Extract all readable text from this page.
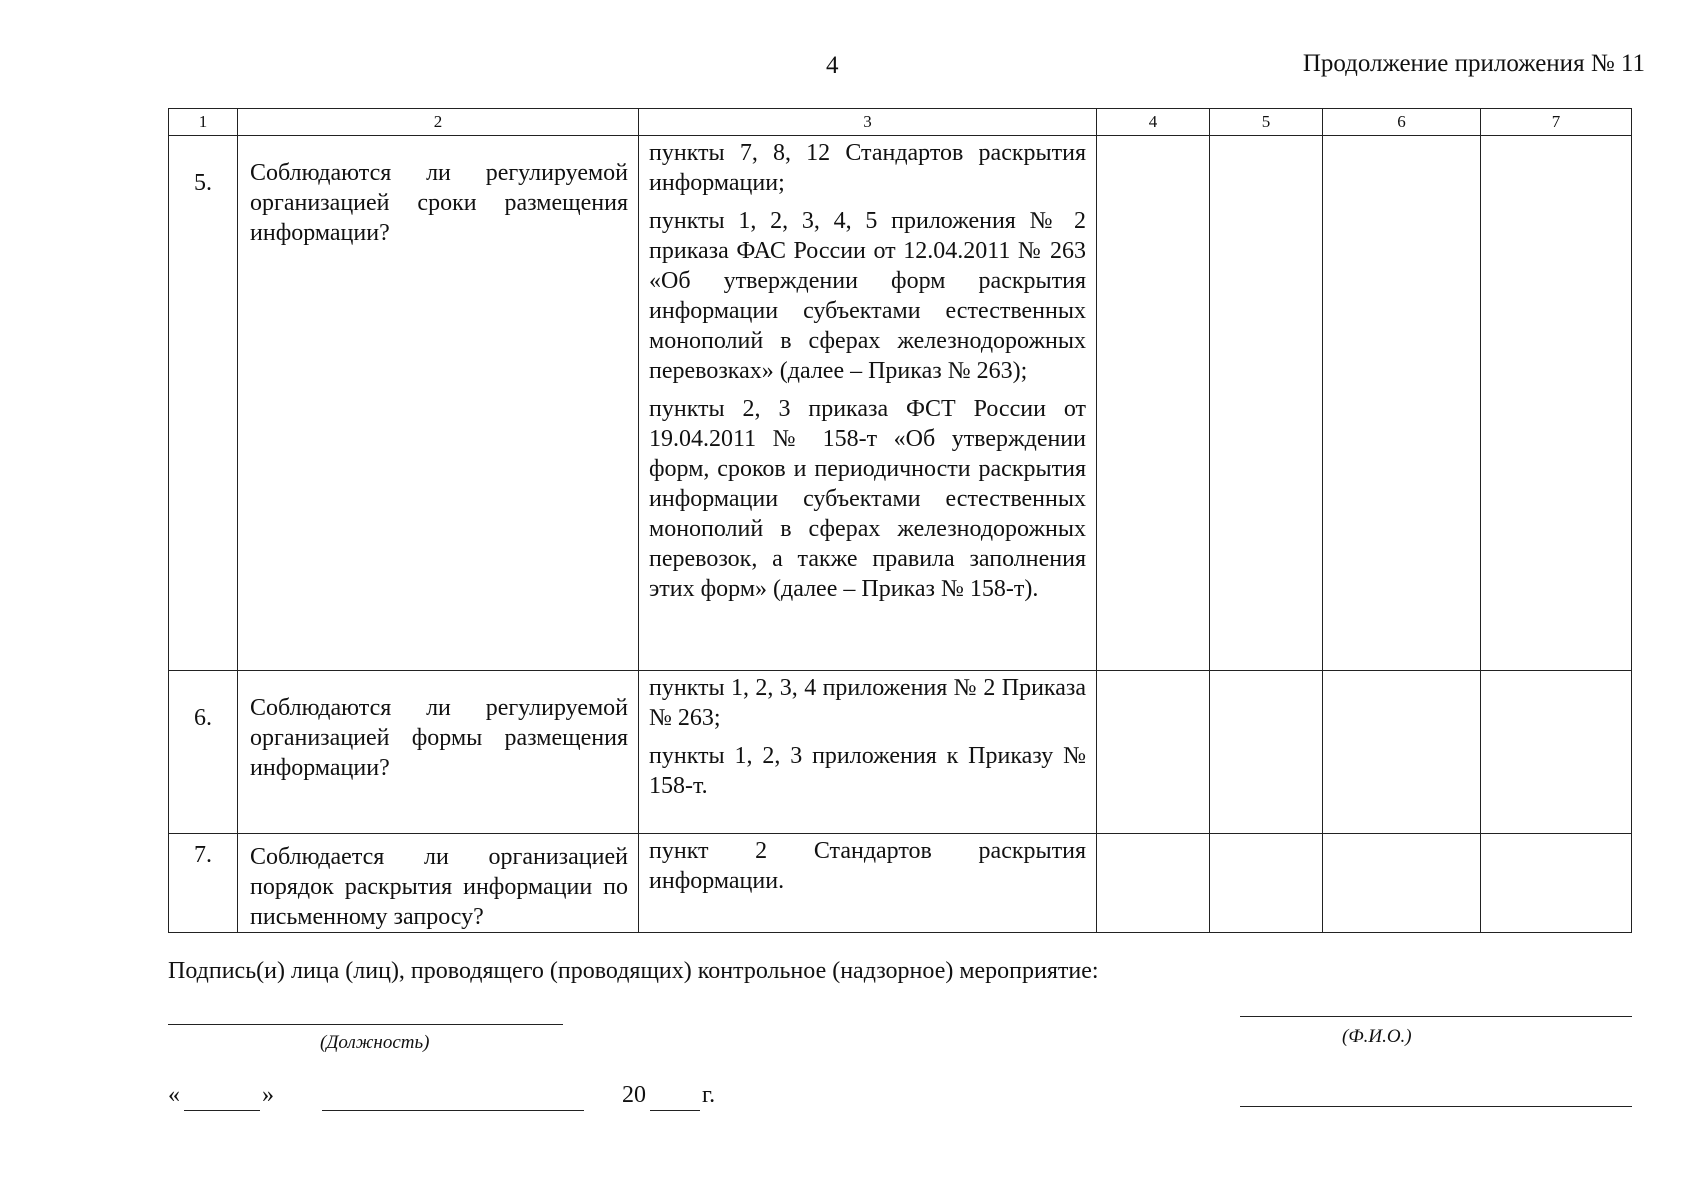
4	Продолжение приложения № 11
1	2	3	4	5	6	7
5.	Соблюдаются ли регулируемой организацией сроки размещения информации?	пункты 7, 8, 12 Стандартов раскрытия информации;

пункты 1, 2, 3, 4, 5 приложения № 2 приказа ФАС России от 12.04.2011 № 263 «Об утверждении форм раскрытия информации субъектами естественных монополий в сферах железнодорожных перевозках» (далее – Приказ № 263);

пункты 2, 3 приказа ФСТ России от 19.04.2011 № 158-т «Об утверждении форм, сроков и периодичности раскрытия информации субъектами естественных монополий в сферах железнодорожных перевозок, а также правила заполнения этих форм» (далее – Приказ № 158-т).				

6.	Соблюдаются ли регулируемой организацией формы размещения информации?	пункты 1, 2, 3, 4 приложения № 2 Приказа № 263;

пункты 1, 2, 3 приложения к Приказу № 158-т.				

7.	Соблюдается ли организацией порядок раскрытия информации по письменному запросу?	пункт 2 Стандартов раскрытия информации.				

Подпись(и) лица (лиц), проводящего (проводящих) контрольное (надзорное) мероприятие:
(Должность)	(Ф.И.О.)
«	»	20 г.
